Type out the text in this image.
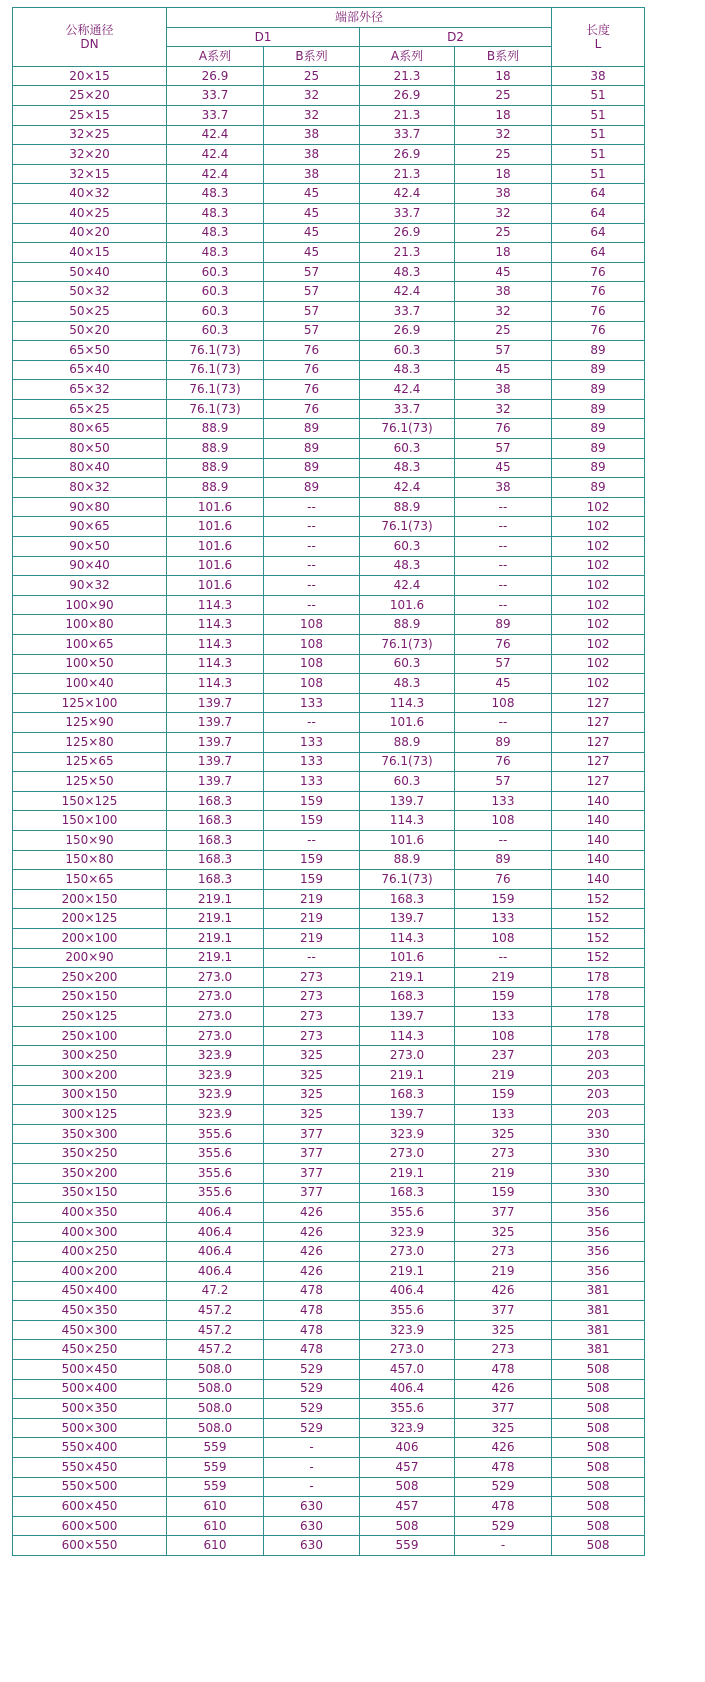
公称通径
DN	端部外径				长度
L

	D1		D2		
	A系列	B系列	A系列	B系列	
20×15	26.9	25	21.3	18	38
25×20	33.7	32	26.9	25	51
25×15	33.7	32	21.3	18	51
32×25	42.4	38	33.7	32	51
32×20	42.4	38	26.9	25	51
32×15	42.4	38	21.3	18	51
40×32	48.3	45	42.4	38	64
40×25	48.3	45	33.7	32	64
40×20	48.3	45	26.9	25	64
40×15	48.3	45	21.3	18	64
50×40	60.3	57	48.3	45	76
50×32	60.3	57	42.4	38	76
50×25	60.3	57	33.7	32	76
50×20	60.3	57	26.9	25	76
65×50	76.1(73)	76	60.3	57	89
65×40	76.1(73)	76	48.3	45	89
65×32	76.1(73)	76	42.4	38	89
65×25	76.1(73)	76	33.7	32	89
80×65	88.9	89	76.1(73)	76	89
80×50	88.9	89	60.3	57	89
80×40	88.9	89	48.3	45	89
80×32	88.9	89	42.4	38	89
90×80	101.6	--	88.9	--	102
90×65	101.6	--	76.1(73)	--	102
90×50	101.6	--	60.3	--	102
90×40	101.6	--	48.3	--	102
90×32	101.6	--	42.4	--	102
100×90	114.3	--	101.6	--	102
100×80	114.3	108	88.9	89	102
100×65	114.3	108	76.1(73)	76	102
100×50	114.3	108	60.3	57	102
100×40	114.3	108	48.3	45	102
125×100	139.7	133	114.3	108	127
125×90	139.7	--	101.6	--	127
125×80	139.7	133	88.9	89	127
125×65	139.7	133	76.1(73)	76	127
125×50	139.7	133	60.3	57	127
150×125	168.3	159	139.7	133	140
150×100	168.3	159	114.3	108	140
150×90	168.3	--	101.6	--	140
150×80	168.3	159	88.9	89	140
150×65	168.3	159	76.1(73)	76	140
200×150	219.1	219	168.3	159	152
200×125	219.1	219	139.7	133	152
200×100	219.1	219	114.3	108	152
200×90	219.1	--	101.6	--	152
250×200	273.0	273	219.1	219	178
250×150	273.0	273	168.3	159	178
250×125	273.0	273	139.7	133	178
250×100	273.0	273	114.3	108	178
300×250	323.9	325	273.0	237	203
300×200	323.9	325	219.1	219	203
300×150	323.9	325	168.3	159	203
300×125	323.9	325	139.7	133	203
350×300	355.6	377	323.9	325	330
350×250	355.6	377	273.0	273	330
350×200	355.6	377	219.1	219	330
350×150	355.6	377	168.3	159	330
400×350	406.4	426	355.6	377	356
400×300	406.4	426	323.9	325	356
400×250	406.4	426	273.0	273	356
400×200	406.4	426	219.1	219	356
450×400	47.2	478	406.4	426	381
450×350	457.2	478	355.6	377	381
450×300	457.2	478	323.9	325	381
450×250	457.2	478	273.0	273	381
500×450	508.0	529	457.0	478	508
500×400	508.0	529	406.4	426	508
500×350	508.0	529	355.6	377	508
500×300	508.0	529	323.9	325	508
550×400	559	-	406	426	508
550×450	559	-	457	478	508
550×500	559	-	508	529	508
600×450	610	630	457	478	508
600×500	610	630	508	529	508
600×550	610	630	559	-	508
